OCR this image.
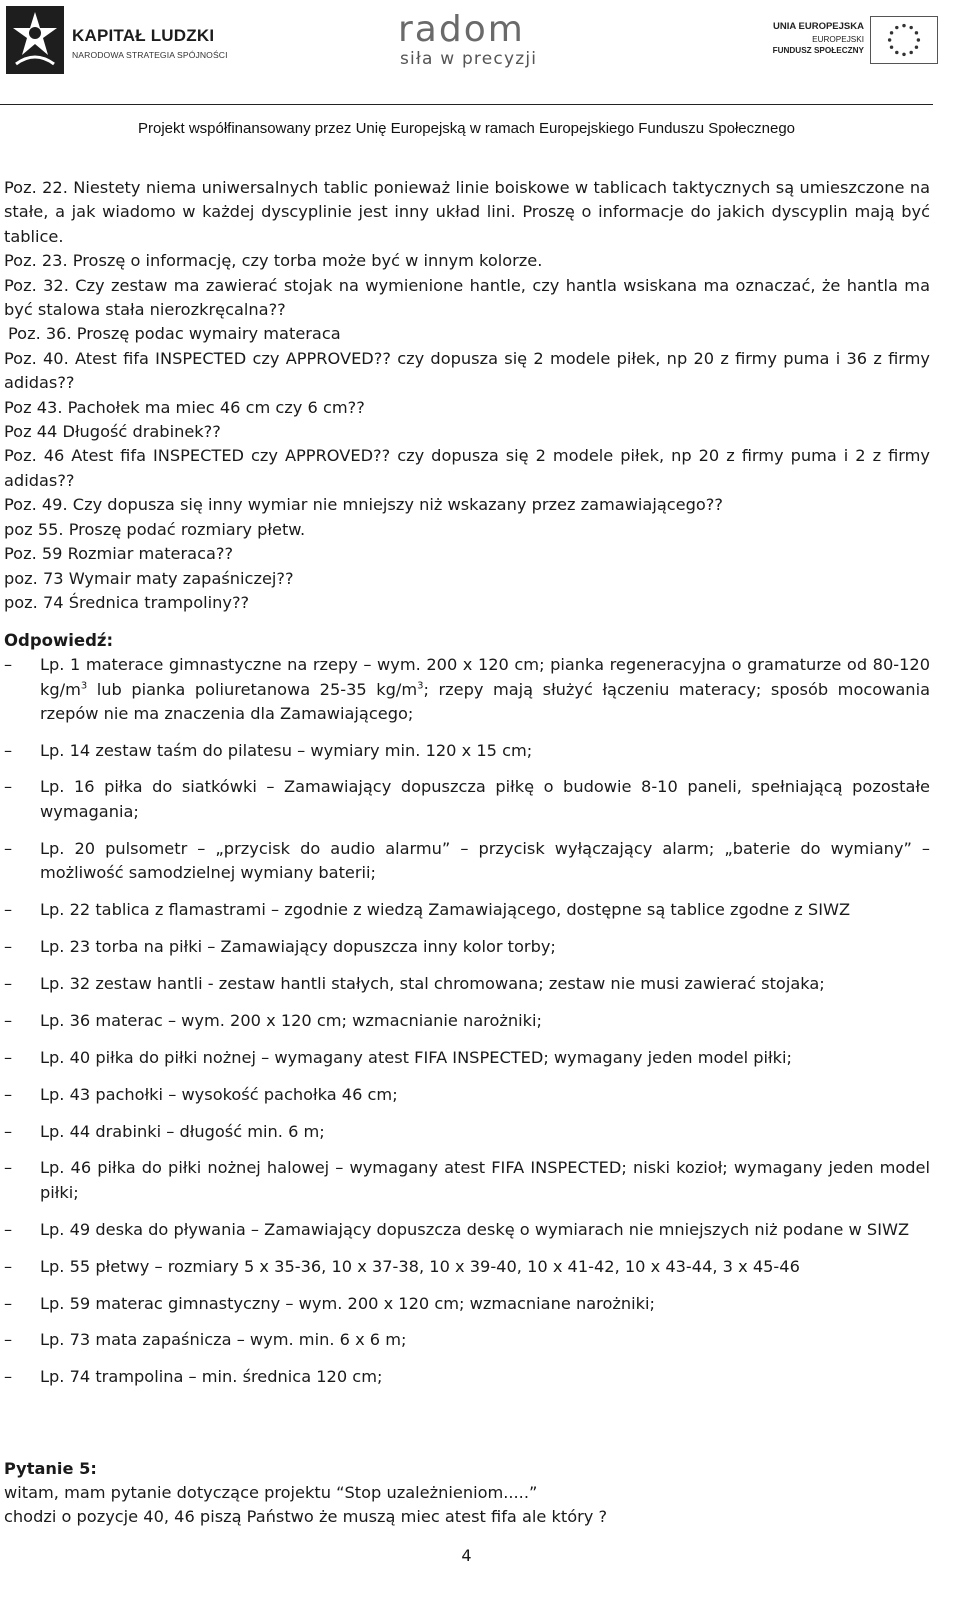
KAPITAŁ LUDZKI
NARODOWA STRATEGIA SPÓJNOŚCI
radom
siła w precyzji
UNIA EUROPEJSKA
EUROPEJSKI
FUNDUSZ SPOŁECZNY
Projekt współfinansowany przez Unię Europejską w ramach Europejskiego Funduszu Społecznego

Poz. 22. Niestety niema uniwersalnych tablic ponieważ linie boiskowe w tablicach taktycznych są umieszczone na stałe, a jak wiadomo w każdej dyscyplinie jest inny układ lini. Proszę o informacje do jakich dyscyplin mają być tablice.

Poz. 23. Proszę o informację, czy torba może być w innym kolorze.

Poz. 32. Czy zestaw ma zawierać stojak na wymienione hantle, czy hantla wsiskana ma oznaczać, że hantla ma być stalowa stała nierozkręcalna??

Poz. 36. Proszę podac wymairy materaca

Poz. 40. Atest fifa INSPECTED czy APPROVED?? czy dopusza się 2 modele piłek, np 20 z firmy puma i 36 z firmy adidas??

Poz 43. Pachołek ma miec 46 cm czy 6 cm??

Poz 44 Długość drabinek??

Poz. 46 Atest fifa INSPECTED czy APPROVED?? czy dopusza się 2 modele piłek, np 20 z firmy puma i 2 z firmy adidas??

Poz. 49. Czy dopusza się inny wymiar nie mniejszy niż wskazany przez zamawiającego??

poz 55. Proszę podać rozmiary płetw.

Poz. 59 Rozmiar materaca??

poz. 73 Wymair maty zapaśniczej??

poz. 74 Średnica trampoliny??

Odpowiedź:

– Lp. 1 materace gimnastyczne na rzepy – wym. 200 x 120 cm; pianka regeneracyjna o gramaturze od 80-120 $kg/m^3$ lub pianka poliuretanowa 25-35 $kg/m^3$; rzepy mają służyć łączeniu materacy; sposób mocowania rzepów nie ma znaczenia dla Zamawiającego;
– Lp. 14 zestaw taśm do pilatesu – wymiary min. 120 x 15 cm;
– Lp. 16 piłka do siatkówki – Zamawiający dopuszcza piłkę o budowie 8-10 paneli, spełniającą pozostałe wymagania;
– Lp. 20 pulsometr – „przycisk do audio alarmu” – przycisk wyłączający alarm; „baterie do wymiany” – możliwość samodzielnej wymiany baterii;
– Lp. 22 tablica z flamastrami – zgodnie z wiedzą Zamawiającego, dostępne są tablice zgodne z SIWZ
– Lp. 23 torba na piłki – Zamawiający dopuszcza inny kolor torby;
– Lp. 32 zestaw hantli - zestaw hantli stałych, stal chromowana; zestaw nie musi zawierać stojaka;
– Lp. 36 materac – wym. 200 x 120 cm; wzmacnianie narożniki;
– Lp. 40 piłka do piłki nożnej – wymagany atest FIFA INSPECTED; wymagany jeden model piłki;
– Lp. 43 pachołki – wysokość pachołka 46 cm;
– Lp. 44 drabinki – długość min. 6 m;
– Lp. 46 piłka do piłki nożnej halowej – wymagany atest FIFA INSPECTED; niski kozioł; wymagany jeden model piłki;
– Lp. 49 deska do pływania – Zamawiający dopuszcza deskę o wymiarach nie mniejszych niż podane w SIWZ
– Lp. 55 płetwy – rozmiary 5 x 35-36, 10 x 37-38, 10 x 39-40, 10 x 41-42, 10 x 43-44, 3 x 45-46
– Lp. 59 materac gimnastyczny – wym. 200 x 120 cm; wzmacniane narożniki;
– Lp. 73 mata zapaśnicza – wym. min. 6 x 6 m;
– Lp. 74 trampolina – min. średnica 120 cm;
Pytanie 5:
witam, mam pytanie dotyczące projektu “Stop uzależnieniom.....”
chodzi o pozycje 40, 46 piszą Państwo że muszą miec atest fifa ale który ?
4
